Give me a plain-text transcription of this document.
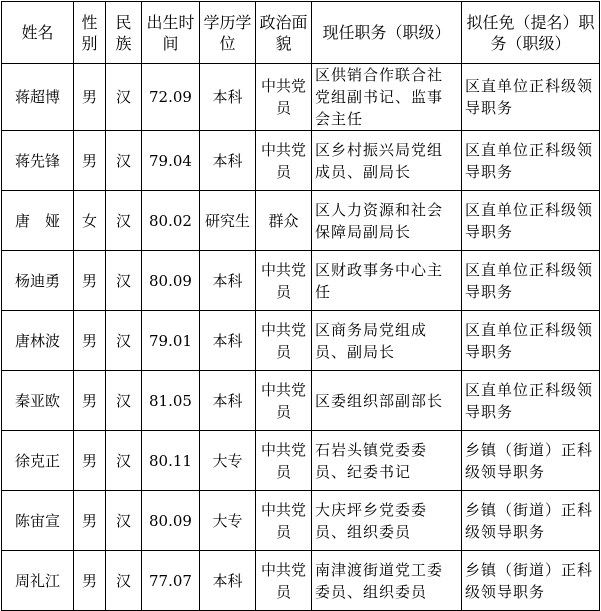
姓名	性别	民族	出生时间	学历学位	政治面貌	现任职务（职级）	拟任免（提名）职务（职级）
蒋超博	男	汉	72.09	本科	中共党员	区供销合作联合社党组副书记、监事会主任	区直单位正科级领导职务
蒋先锋	男	汉	79.04	本科	中共党员	区乡村振兴局党组成员、副局长	区直单位正科级领导职务
唐　娅	女	汉	80.02	研究生	群众	区人力资源和社会保障局副局长	区直单位正科级领导职务
杨迪勇	男	汉	80.09	本科	中共党员	区财政事务中心主任	区直单位正科级领导职务
唐林波	男	汉	79.01	本科	中共党员	区商务局党组成员、副局长	区直单位正科级领导职务
秦亚欧	男	汉	81.05	本科	中共党员	区委组织部副部长	区直单位正科级领导职务
徐克正	男	汉	80.11	大专	中共党员	石岩头镇党委委员、纪委书记	乡镇（街道）正科级领导职务
陈宙宣	男	汉	80.09	大专	中共党员	大庆坪乡党委委员、组织委员	乡镇（街道）正科级领导职务
周礼江	男	汉	77.07	本科	中共党员	南津渡街道党工委委员、组织委员	乡镇（街道）正科级领导职务
